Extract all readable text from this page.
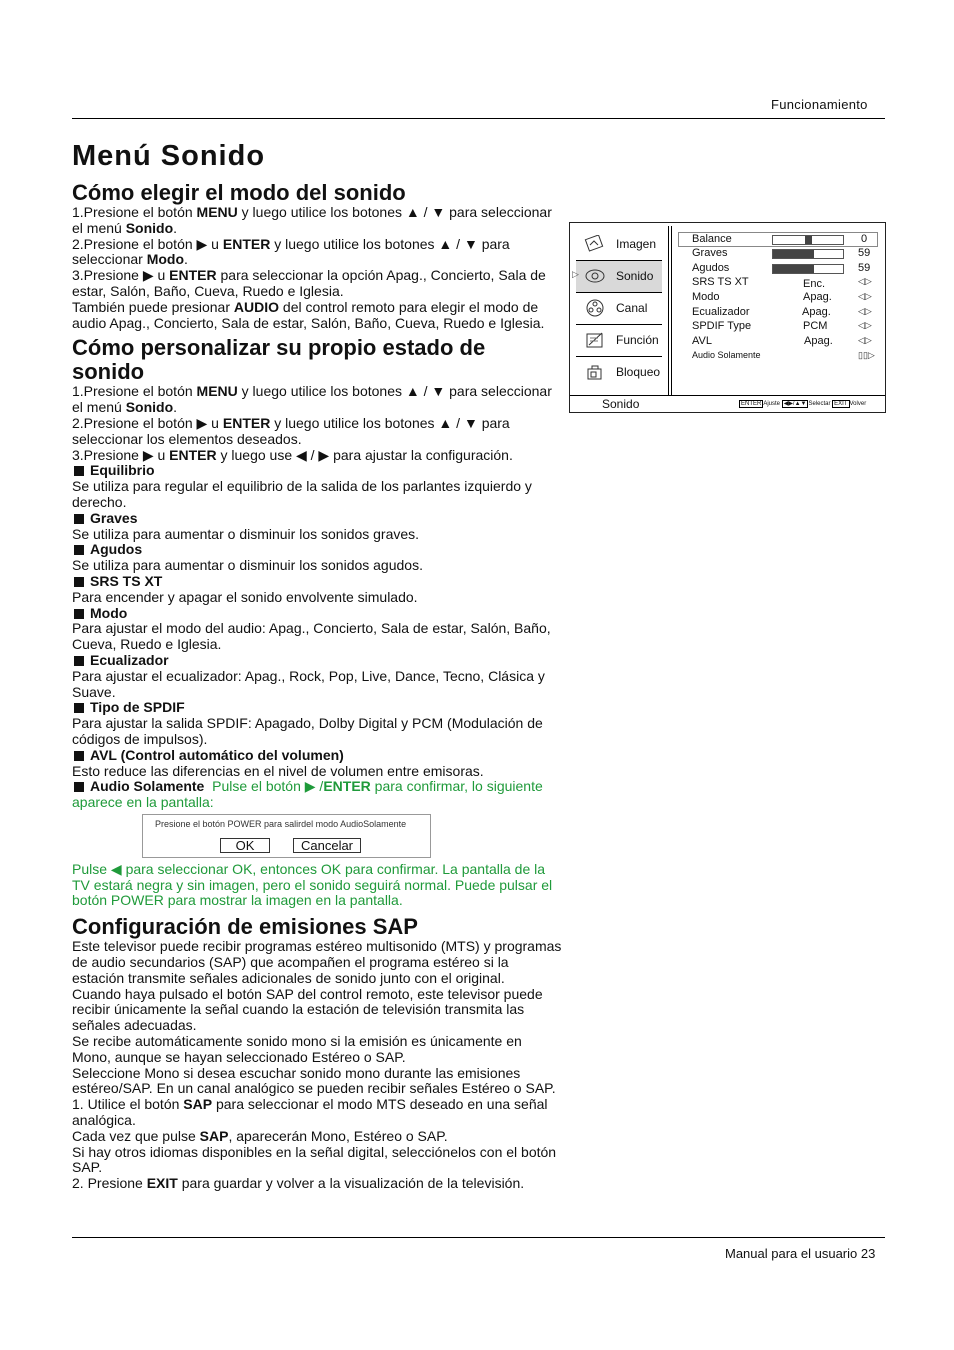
Funcionamiento
Menú Sonido
Cómo elegir el modo del sonido

1.Presione el botón MENU y luego utilice los botones ▲ / ▼ para seleccionar el menú Sonido.

2.Presione el botón ▶ u ENTER y luego utilice los botones ▲ / ▼ para seleccionar Modo.

3.Presione ▶ u ENTER para seleccionar la opción Apag., Concierto, Sala de estar, Salón, Baño, Cueva, Ruedo e Iglesia.

También puede presionar AUDIO del control remoto para elegir el modo de audio Apag., Concierto, Sala de estar, Salón, Baño, Cueva, Ruedo e Iglesia.

Cómo personalizar su propio estado de sonido

1.Presione el botón MENU y luego utilice los botones ▲ / ▼ para seleccionar el menú Sonido.

2.Presione el botón ▶ u ENTER y luego utilice los botones ▲ / ▼ para seleccionar los elementos deseados.

3.Presione ▶ u ENTER y luego use ◀ / ▶ para ajustar la configuración.

Equilibrio

Se utiliza para regular el equilibrio de la salida de los parlantes izquierdo y derecho.

Graves

Se utiliza para aumentar o disminuir los sonidos graves.

Agudos

Se utiliza para aumentar o disminuir los sonidos agudos.

SRS TS XT

Para encender y apagar el sonido envolvente simulado.

Modo

Para ajustar el modo del audio: Apag., Concierto, Sala de estar, Salón, Baño, Cueva, Ruedo e Iglesia.

Ecualizador

Para ajustar el ecualizador: Apag., Rock, Pop, Live, Dance, Tecno, Clásica y Suave.

Tipo de SPDIF

Para ajustar la salida SPDIF: Apagado, Dolby Digital y PCM (Modulación de códigos de impulsos).

AVL (Control automático del volumen)

Esto reduce las diferencias en el nivel de volumen entre emisoras.

Audio Solamente Pulse el botón ▶ /ENTER para confirmar, lo siguiente aparece en la pantalla:

Presione el botón POWER para salirdel modo AudioSolamente
OK	Cancelar

Pulse ◀ para seleccionar OK, entonces OK para confirmar. La pantalla de la TV estará negra y sin imagen, pero el sonido seguirá normal. Puede pulsar el botón POWER para mostrar la imagen en la pantalla.

Configuración de emisiones SAP

Este televisor puede recibir programas estéreo multisonido (MTS) y programas de audio secundarios (SAP) que acompañen el programa estéreo si la estación transmite señales adicionales de sonido junto con el original.

Cuando haya pulsado el botón SAP del control remoto, este televisor puede recibir únicamente la señal cuando la estación de televisión transmita las señales adecuadas.

Se recibe automáticamente sonido mono si la emisión es únicamente en Mono, aunque se hayan seleccionado Estéreo o SAP.

Seleccione Mono si desea escuchar sonido mono durante las emisiones estéreo/SAP. En un canal analógico se pueden recibir señales Estéreo o SAP.

1. Utilice el botón SAP para seleccionar el modo MTS deseado en una señal analógica.

Cada vez que pulse SAP, aparecerán Mono, Estéreo o SAP.

Si hay otros idiomas disponibles en la señal digital, selecciónelos con el botón SAP.

2. Presione EXIT para guardar y volver a la visualización de la televisión.

Imagen
▷	Sonido
Canal
Función
Bloqueo
Balance	0
Graves	59
Agudos	59
SRS TS XT	Enc.	◁▷
Modo	Apag.	◁▷
Ecualizador	Apag.	◁▷
SPDIF Type	PCM	◁▷
AVL	Apag.	◁▷
Audio Solamente	▯▯▷
Sonido	ENTER Ajuste ◀▶/▲▼ Selectar EXIT Volver
Manual para el usuario 23
